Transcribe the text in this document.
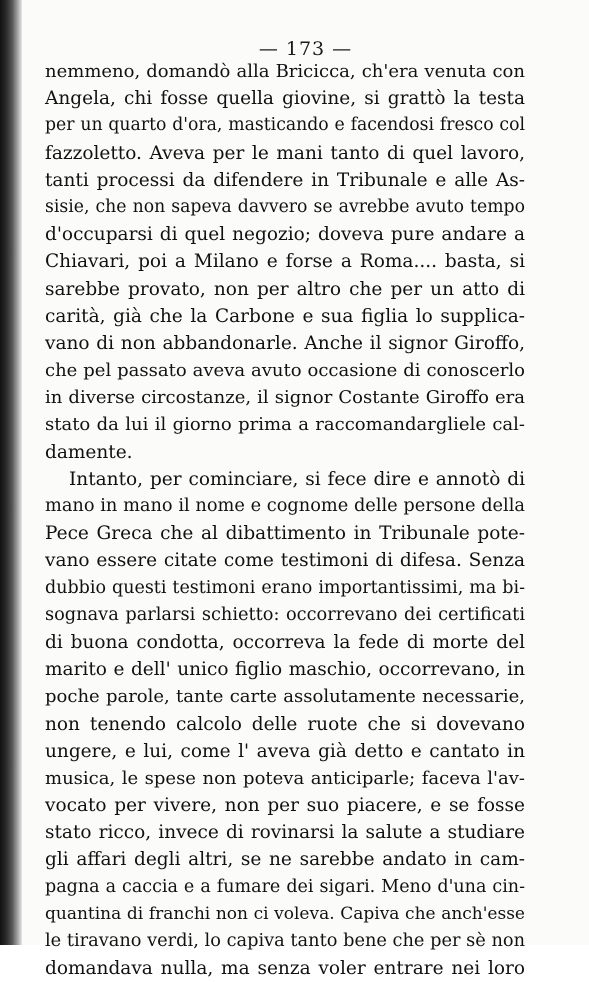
— 173 —
nemmeno, domandò alla Bricicca, ch'era venuta con
Angela, chi fosse quella giovine, si grattò la testa
per un quarto d'ora, masticando e facendosi fresco col
fazzoletto. Aveva per le mani tanto di quel lavoro,
tanti processi da difendere in Tribunale e alle As-
sisie, che non sapeva davvero se avrebbe avuto tempo
d'occuparsi di quel negozio; doveva pure andare a
Chiavari, poi a Milano e forse a Roma.... basta, si
sarebbe provato, non per altro che per un atto di
carità, già che la Carbone e sua figlia lo supplica-
vano di non abbandonarle. Anche il signor Giroffo,
che pel passato aveva avuto occasione di conoscerlo
in diverse circostanze, il signor Costante Giroffo era
stato da lui il giorno prima a raccomandargliele cal-
damente.
Intanto, per cominciare, si fece dire e annotò di
mano in mano il nome e cognome delle persone della
Pece Greca che al dibattimento in Tribunale pote-
vano essere citate come testimoni di difesa. Senza
dubbio questi testimoni erano importantissimi, ma bi-
sognava parlarsi schietto: occorrevano dei certificati
di buona condotta, occorreva la fede di morte del
marito e dell' unico figlio maschio, occorrevano, in
poche parole, tante carte assolutamente necessarie,
non tenendo calcolo delle ruote che si dovevano
ungere, e lui, come l' aveva già detto e cantato in
musica, le spese non poteva anticiparle; faceva l'av-
vocato per vivere, non per suo piacere, e se fosse
stato ricco, invece di rovinarsi la salute a studiare
gli affari degli altri, se ne sarebbe andato in cam-
pagna a caccia e a fumare dei sigari. Meno d'una cin-
quantina di franchi non ci voleva. Capiva che anch'esse
le tiravano verdi, lo capiva tanto bene che per sè non
domandava nulla, ma senza voler entrare nei loro
